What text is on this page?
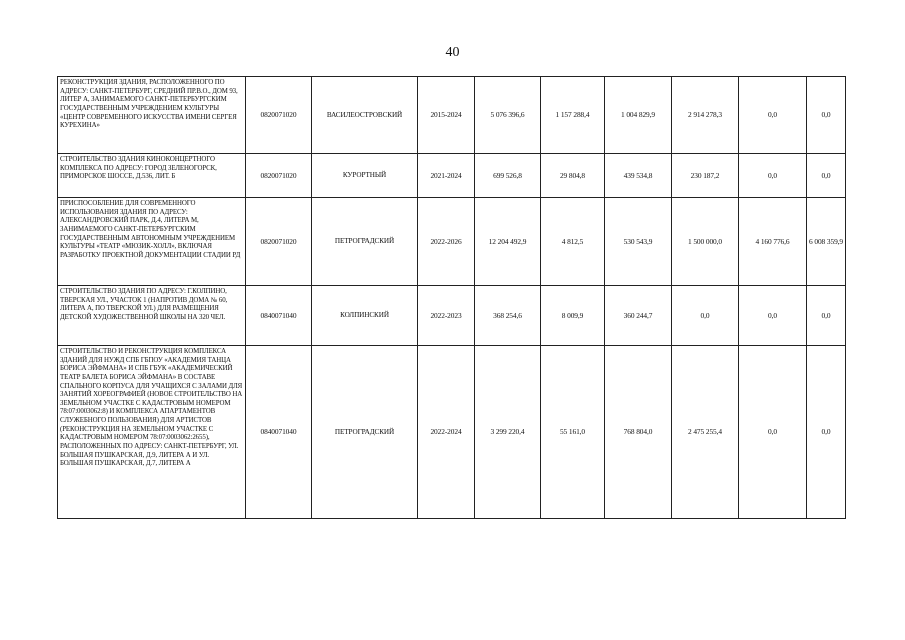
40
РЕКОНСТРУКЦИЯ ЗДАНИЯ, РАСПОЛОЖЕННОГО ПО АДРЕСУ: САНКТ-ПЕТЕРБУРГ, СРЕДНИЙ ПР.В.О., ДОМ 93, ЛИТЕР А, ЗАНИМАЕМОГО САНКТ-ПЕТЕРБУРГСКИМ ГОСУДАРСТВЕННЫМ УЧРЕЖДЕНИЕМ КУЛЬТУРЫ «ЦЕНТР СОВРЕМЕННОГО ИСКУССТВА ИМЕНИ СЕРГЕЯ КУРЕХИНА»	0820071020	ВАСИЛЕОСТРОВСКИЙ	2015-2024	5 076 396,6	1 157 288,4	1 004 829,9	2 914 278,3	0,0	0,0
СТРОИТЕЛЬСТВО ЗДАНИЯ КИНОКОНЦЕРТНОГО КОМПЛЕКСА ПО АДРЕСУ: ГОРОД ЗЕЛЕНОГОРСК, ПРИМОРСКОЕ ШОССЕ, Д.536, ЛИТ. Б	0820071020	КУРОРТНЫЙ	2021-2024	699 526,8	29 804,8	439 534,8	230 187,2	0,0	0,0
ПРИСПОСОБЛЕНИЕ ДЛЯ СОВРЕМЕННОГО ИСПОЛЬЗОВАНИЯ ЗДАНИЯ ПО АДРЕСУ: АЛЕКСАНДРОВСКИЙ ПАРК, Д.4, ЛИТЕРА М, ЗАНИМАЕМОГО САНКТ-ПЕТЕРБУРГСКИМ ГОСУДАРСТВЕННЫМ АВТОНОМНЫМ УЧРЕЖДЕНИЕМ КУЛЬТУРЫ «ТЕАТР «МЮЗИК-ХОЛЛ», ВКЛЮЧАЯ РАЗРАБОТКУ ПРОЕКТНОЙ ДОКУМЕНТАЦИИ СТАДИИ РД	0820071020	ПЕТРОГРАДСКИЙ	2022-2026	12 204 492,9	4 812,5	530 543,9	1 500 000,0	4 160 776,6	6 008 359,9
СТРОИТЕЛЬСТВО ЗДАНИЯ ПО АДРЕСУ: Г.КОЛПИНО, ТВЕРСКАЯ УЛ., УЧАСТОК 1 (НАПРОТИВ ДОМА № 60, ЛИТЕРА А, ПО ТВЕРСКОЙ УЛ.) ДЛЯ РАЗМЕЩЕНИЯ ДЕТСКОЙ ХУДОЖЕСТВЕННОЙ ШКОЛЫ НА 320 ЧЕЛ.	0840071040	КОЛПИНСКИЙ	2022-2023	368 254,6	8 009,9	360 244,7	0,0	0,0	0,0
СТРОИТЕЛЬСТВО И РЕКОНСТРУКЦИЯ КОМПЛЕКСА ЗДАНИЙ ДЛЯ НУЖД СПБ ГБПОУ «АКАДЕМИЯ ТАНЦА БОРИСА ЭЙФМАНА» И СПБ ГБУК «АКАДЕМИЧЕСКИЙ ТЕАТР БАЛЕТА БОРИСА ЭЙФМАНА» В СОСТАВЕ СПАЛЬНОГО КОРПУСА ДЛЯ УЧАЩИХСЯ С ЗАЛАМИ ДЛЯ ЗАНЯТИЙ ХОРЕОГРАФИЕЙ (НОВОЕ СТРОИТЕЛЬСТВО НА ЗЕМЕЛЬНОМ УЧАСТКЕ С КАДАСТРОВЫМ НОМЕРОМ 78:07:0003062:8) И КОМПЛЕКСА АПАРТАМЕНТОВ СЛУЖЕБНОГО ПОЛЬЗОВАНИЯ) ДЛЯ АРТИСТОВ (РЕКОНСТРУКЦИЯ НА ЗЕМЕЛЬНОМ УЧАСТКЕ С КАДАСТРОВЫМ НОМЕРОМ 78:07:0003062:2655), РАСПОЛОЖЕННЫХ ПО АДРЕСУ: САНКТ-ПЕТЕРБУРГ, УЛ. БОЛЬШАЯ ПУШКАРСКАЯ, Д.9, ЛИТЕРА А И УЛ. БОЛЬШАЯ ПУШКАРСКАЯ, Д.7, ЛИТЕРА А	0840071040	ПЕТРОГРАДСКИЙ	2022-2024	3 299 220,4	55 161,0	768 804,0	2 475 255,4	0,0	0,0
